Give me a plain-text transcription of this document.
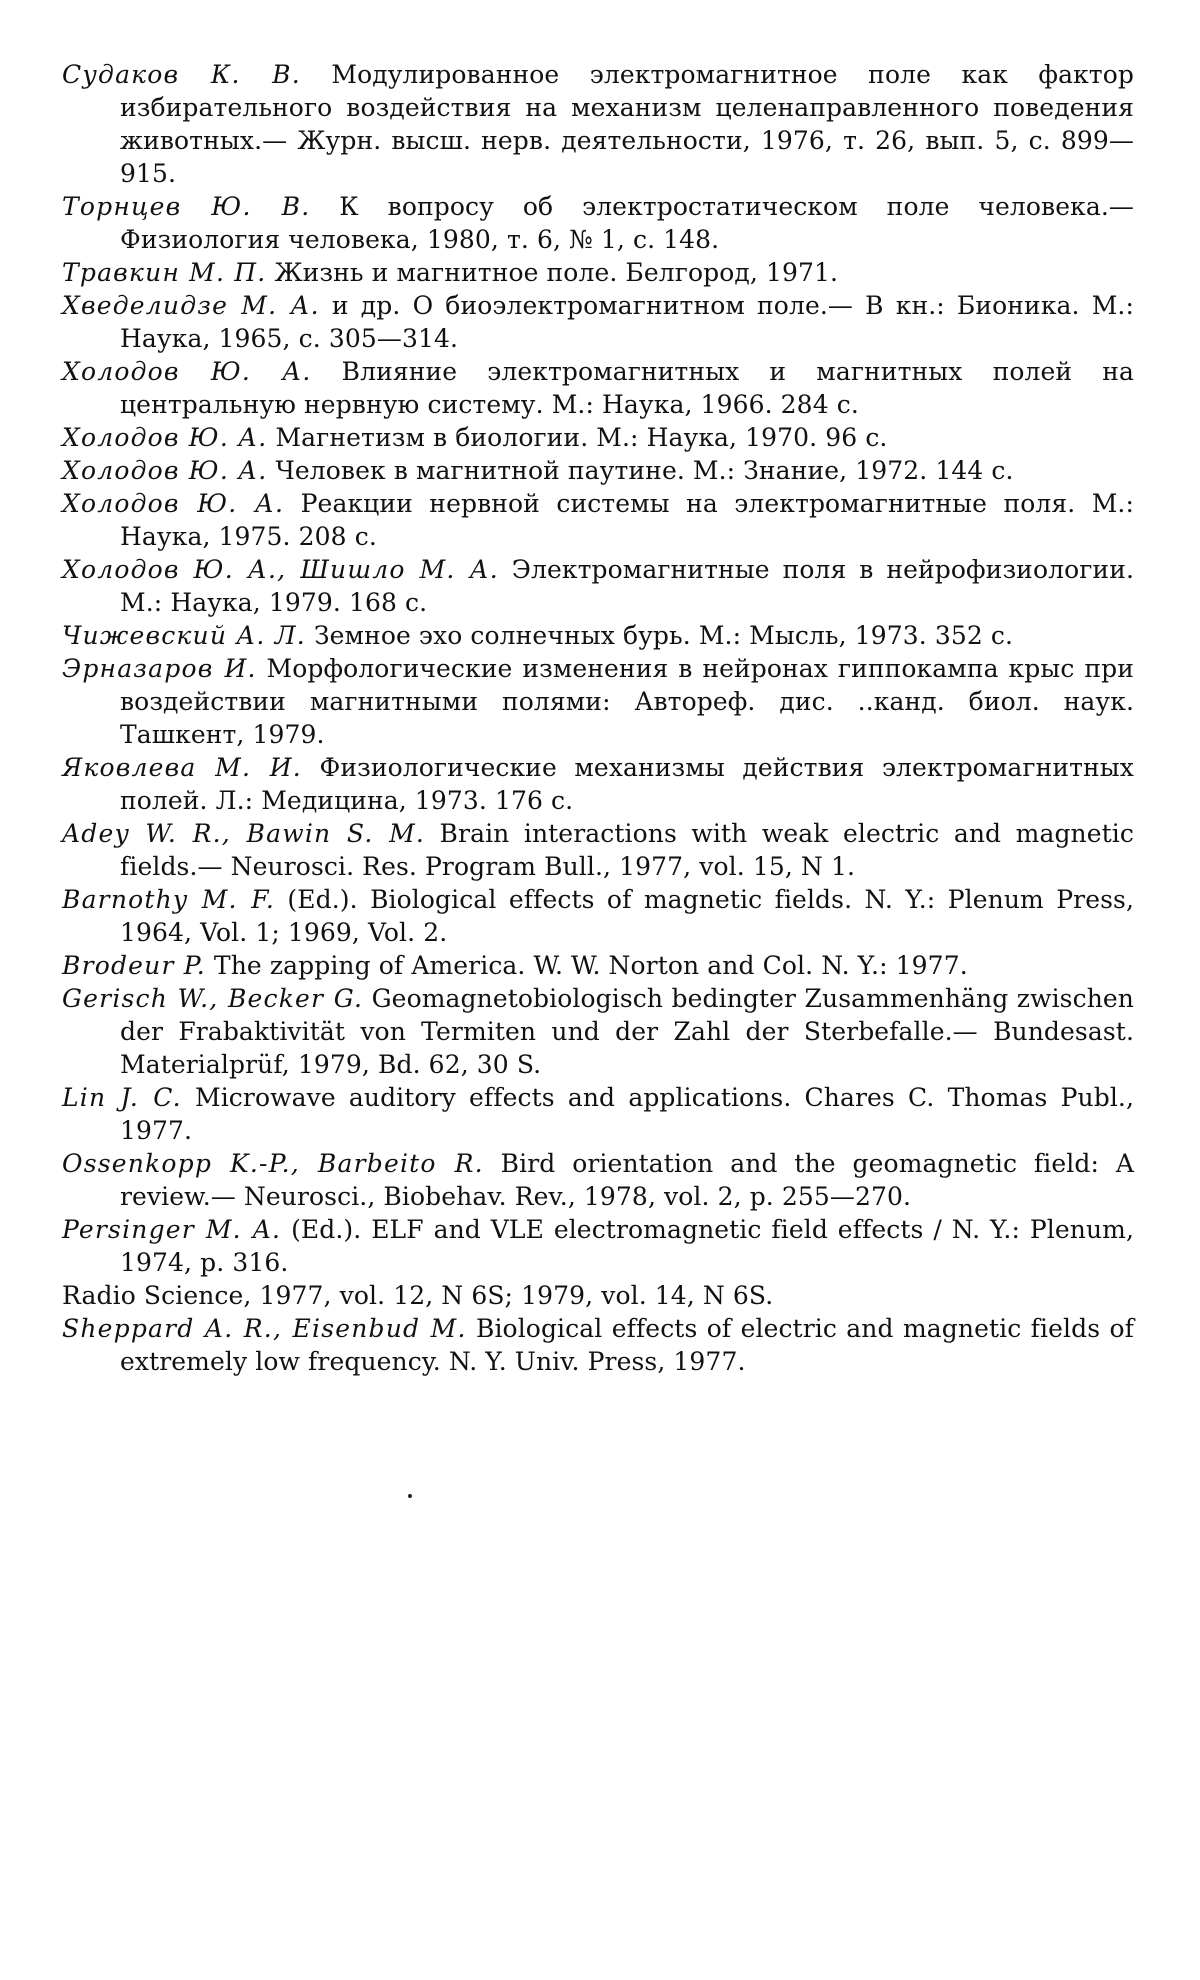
Судаков К. В. Модулированное электромагнитное поле как фактор избирательного воздействия на механизм целенаправленного поведения животных.— Журн. высш. нерв. деятельности, 1976, т. 26, вып. 5, с. 899—915.
Торнцев Ю. В. К вопросу об электростатическом поле человека.— Физиология человека, 1980, т. 6, № 1, с. 148.
Травкин М. П. Жизнь и магнитное поле. Белгород, 1971.
Хведелидзе М. А. и др. О биоэлектромагнитном поле.— В кн.: Бионика. М.: Наука, 1965, с. 305—314.
Холодов Ю. А. Влияние электромагнитных и магнитных полей на центральную нервную систему. М.: Наука, 1966. 284 с.
Холодов Ю. А. Магнетизм в биологии. М.: Наука, 1970. 96 с.
Холодов Ю. А. Человек в магнитной паутине. М.: Знание, 1972. 144 с.
Холодов Ю. А. Реакции нервной системы на электромагнитные поля. М.: Наука, 1975. 208 с.
Холодов Ю. А., Шишло М. А. Электромагнитные поля в нейрофизиологии. М.: Наука, 1979. 168 с.
Чижевский А. Л. Земное эхо солнечных бурь. М.: Мысль, 1973. 352 с.
Эрназаров И. Морфологические изменения в нейронах гиппокампа крыс при воздействии магнитными полями: Автореф. дис. ..канд. биол. наук. Ташкент, 1979.
Яковлева М. И. Физиологические механизмы действия электромагнитных полей. Л.: Медицина, 1973. 176 с.
Adey W. R., Bawin S. M. Brain interactions with weak electric and magnetic fields.— Neurosci. Res. Program Bull., 1977, vol. 15, N 1.
Barnothy M. F. (Ed.). Biological effects of magnetic fields. N. Y.: Plenum Press, 1964, Vol. 1; 1969, Vol. 2.
Brodeur P. The zapping of America. W. W. Norton and Col. N. Y.: 1977.
Gerisch W., Becker G. Geomagnetobiologisch bedingter Zusammenhäng zwischen der Frabaktivität von Termiten und der Zahl der Sterbefalle.— Bundesast. Materialprüf, 1979, Bd. 62, 30 S.
Lin J. C. Microwave auditory effects and applications. Chares C. Thomas Publ., 1977.
Ossenkopp K.-P., Barbeito R. Bird orientation and the geomagnetic field: A review.— Neurosci., Biobehav. Rev., 1978, vol. 2, p. 255—270.
Persinger M. A. (Ed.). ELF and VLE electromagnetic field effects / N. Y.: Plenum, 1974, p. 316.
Radio Science, 1977, vol. 12, N 6S; 1979, vol. 14, N 6S.
Sheppard A. R., Eisenbud M. Biological effects of electric and magnetic fields of extremely low frequency. N. Y. Univ. Press, 1977.
